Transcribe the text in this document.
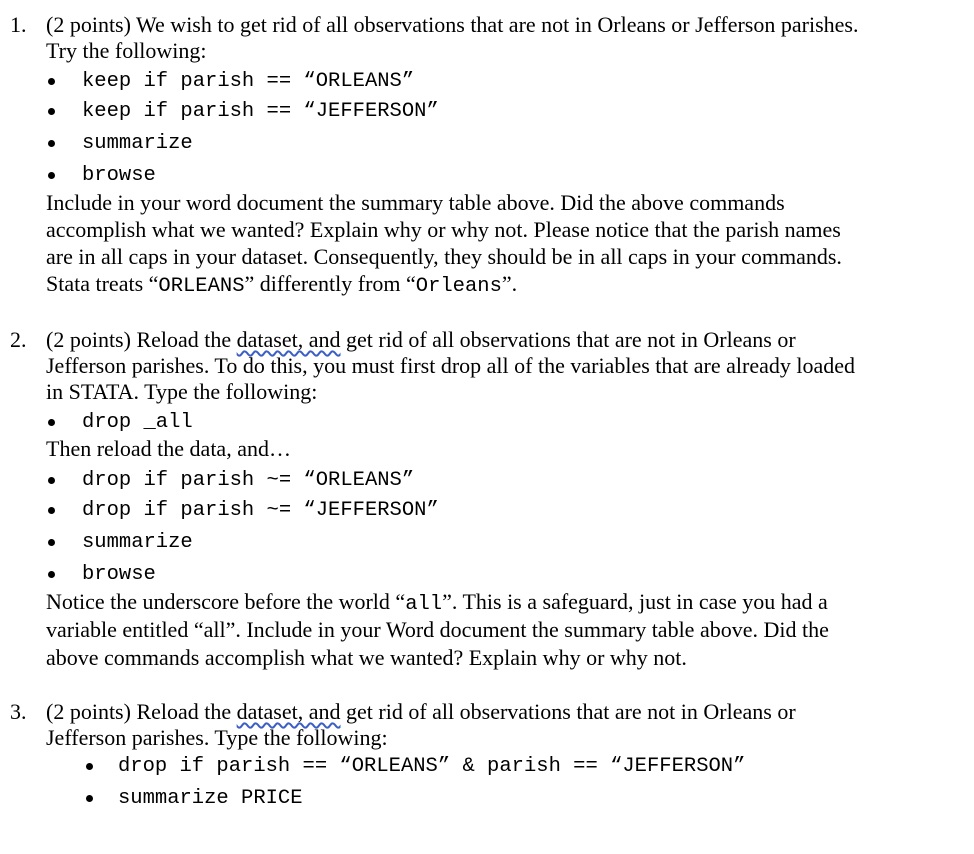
1. (2 points) We wish to get rid of all observations that are not in Orleans or Jefferson parishes.
Try the following:
keep if parish == “ORLEANS”
keep if parish == “JEFFERSON”
summarize
browse
Include in your word document the summary table above. Did the above commands
accomplish what we wanted? Explain why or why not. Please notice that the parish names
are in all caps in your dataset. Consequently, they should be in all caps in your commands.
Stata treats “ORLEANS” differently from “Orleans”.
2. (2 points) Reload the dataset, and get rid of all observations that are not in Orleans or
Jefferson parishes. To do this, you must first drop all of the variables that are already loaded
in STATA. Type the following:
drop _all
Then reload the data, and…
drop if parish ~= “ORLEANS”
drop if parish ~= “JEFFERSON”
summarize
browse
Notice the underscore before the world “all”. This is a safeguard, just in case you had a
variable entitled “all”. Include in your Word document the summary table above. Did the
above commands accomplish what we wanted? Explain why or why not.
3. (2 points) Reload the dataset, and get rid of all observations that are not in Orleans or
Jefferson parishes. Type the following:
drop if parish == “ORLEANS” & parish == “JEFFERSON”
summarize PRICE
